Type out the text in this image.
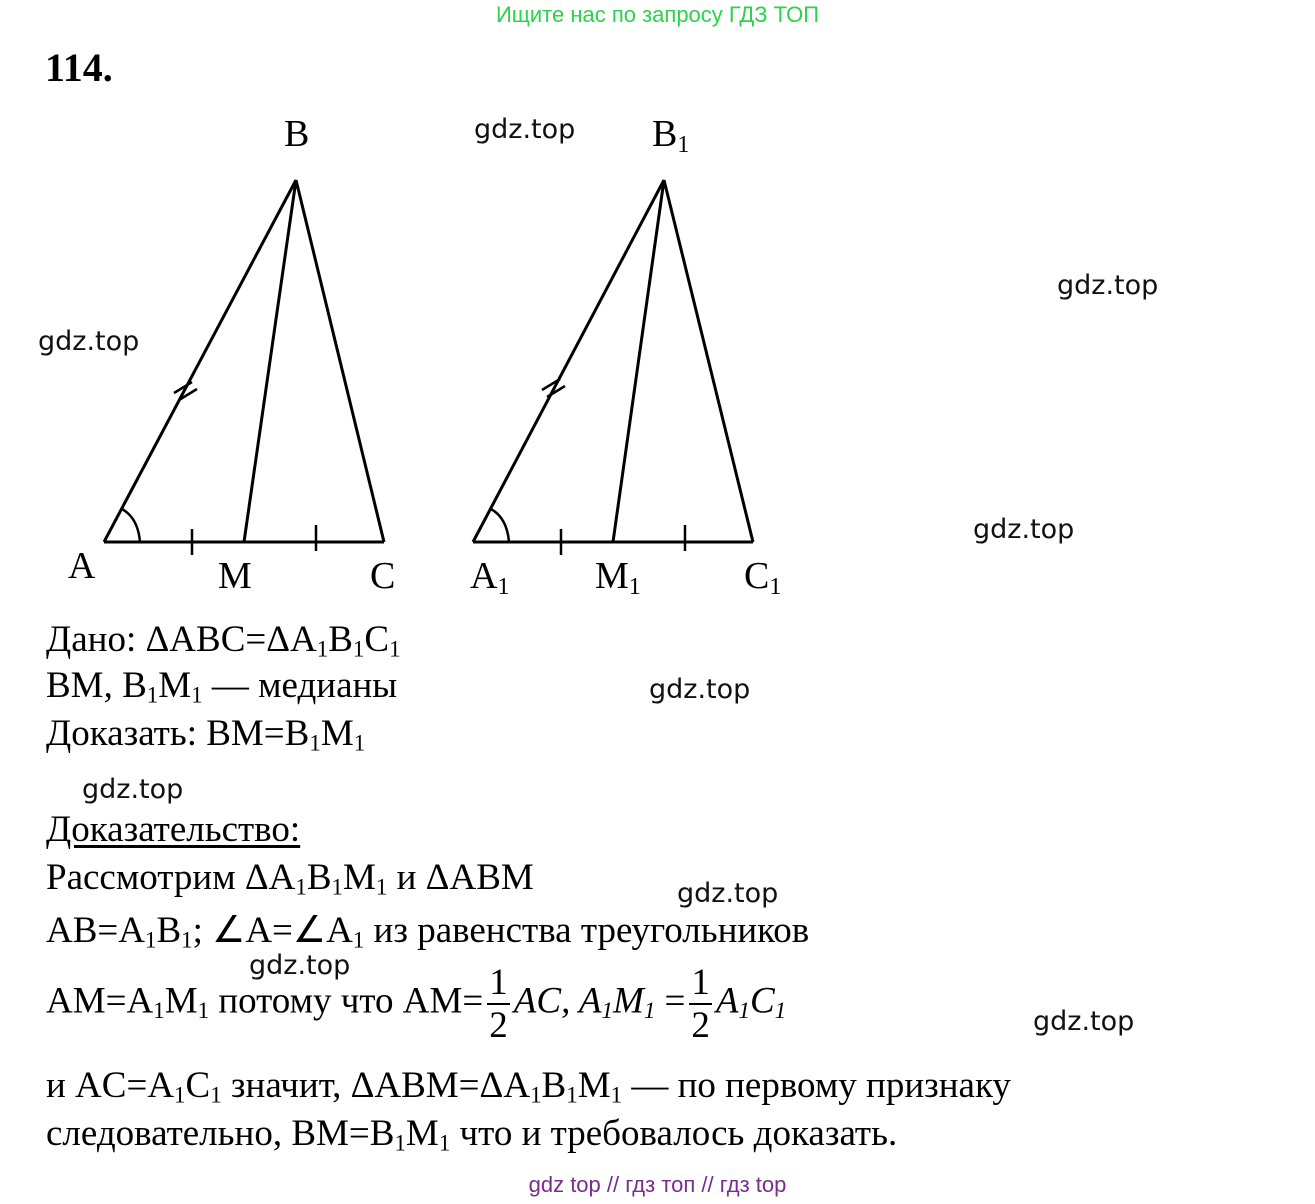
Ищите нас по запросу ГДЗ ТОП
114.
gdz.top
gdz.top
gdz.top
gdz.top
gdz.top
gdz.top
gdz.top
gdz.top
gdz.top
B
A	M	C
B1
A1 M1	C1
Дано: $\Delta ABC=\Delta A_1B_1C_1$
BM, $B_1M_1$ — медианы
Доказать: $BM=B_1M_1$
Доказательство:
Рассмотрим $\Delta A_1B_1M_1$ и ΔABM
$AB=A_1B_1$; $\angle A=\angle A_1$ из равенства треугольников
$AM=A_1M_1$ потому что $AM= \frac{1}{2}$ AC, $A_1M_1 = \frac{1}{2} A_1C_1$
и $AC=A_1C_1$ значит, $\Delta ABM=\Delta A_1B_1M_1$ — по первому признаку
следовательно, $BM=B_1M_1$ что и требовалось доказать.
gdz top // гдз топ // гдз top
